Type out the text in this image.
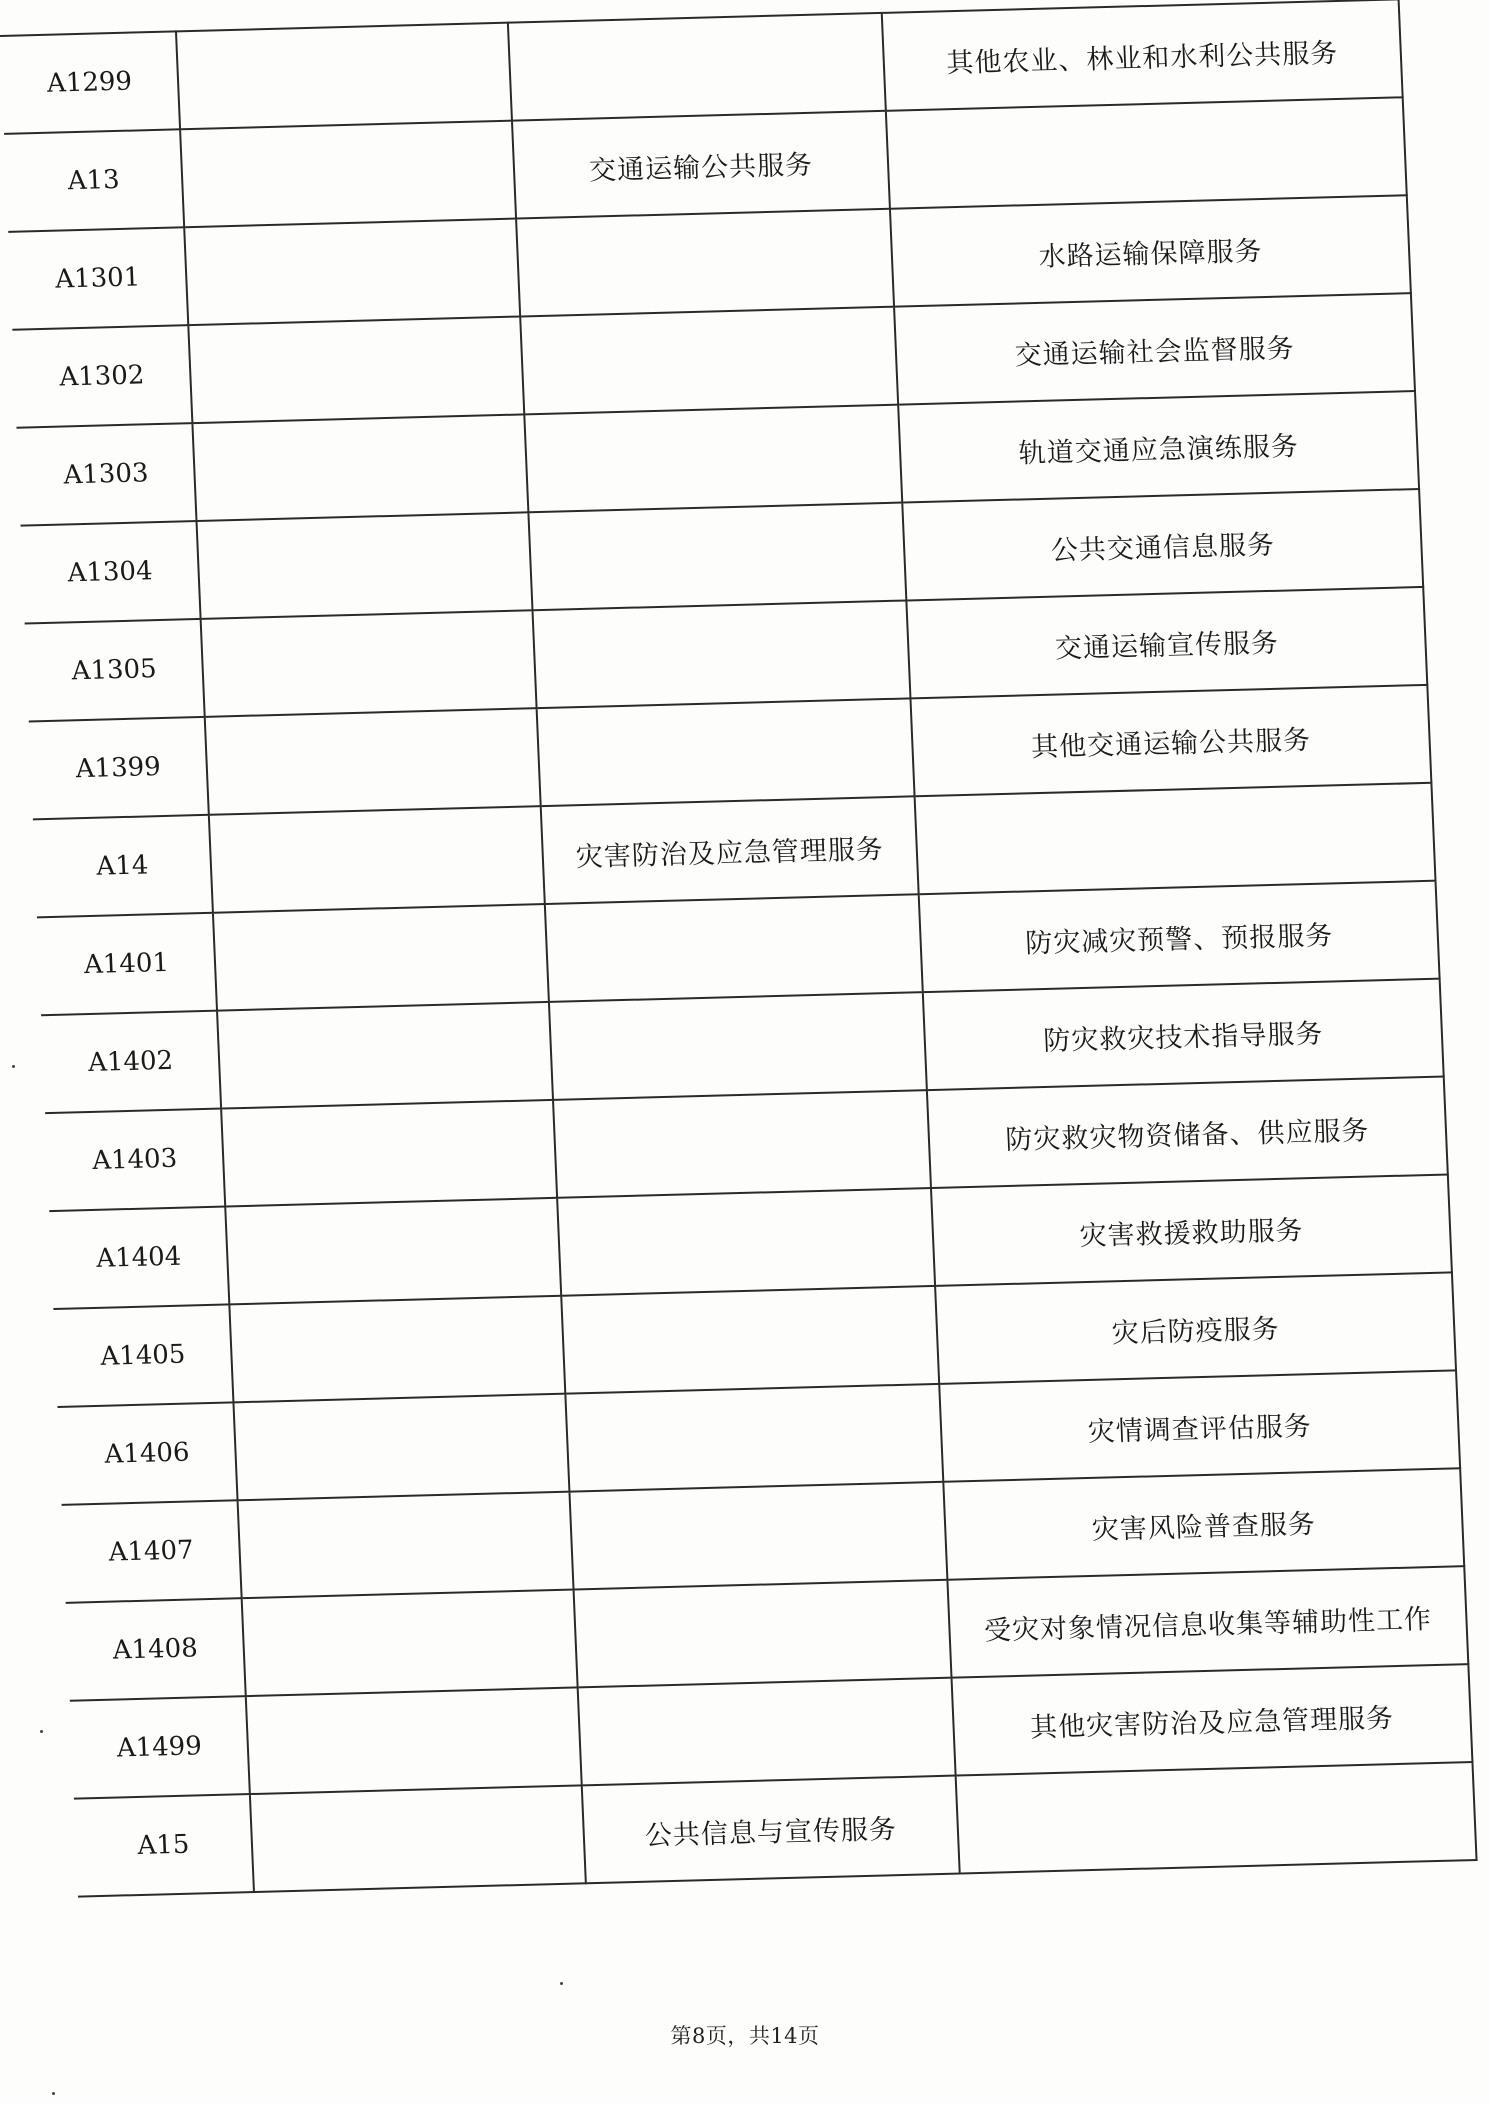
A1299			其他农业、林业和水利公共服务
A13		交通运输公共服务	
A1301			水路运输保障服务
A1302			交通运输社会监督服务
A1303			轨道交通应急演练服务
A1304			公共交通信息服务
A1305			交通运输宣传服务
A1399			其他交通运输公共服务
A14		灾害防治及应急管理服务	
A1401			防灾减灾预警、预报服务
A1402			防灾救灾技术指导服务
A1403			防灾救灾物资储备、供应服务
A1404			灾害救援救助服务
A1405			灾后防疫服务
A1406			灾情调查评估服务
A1407			灾害风险普查服务
A1408			受灾对象情况信息收集等辅助性工作
A1499			其他灾害防治及应急管理服务
A15		公共信息与宣传服务	
第8页，共14页
